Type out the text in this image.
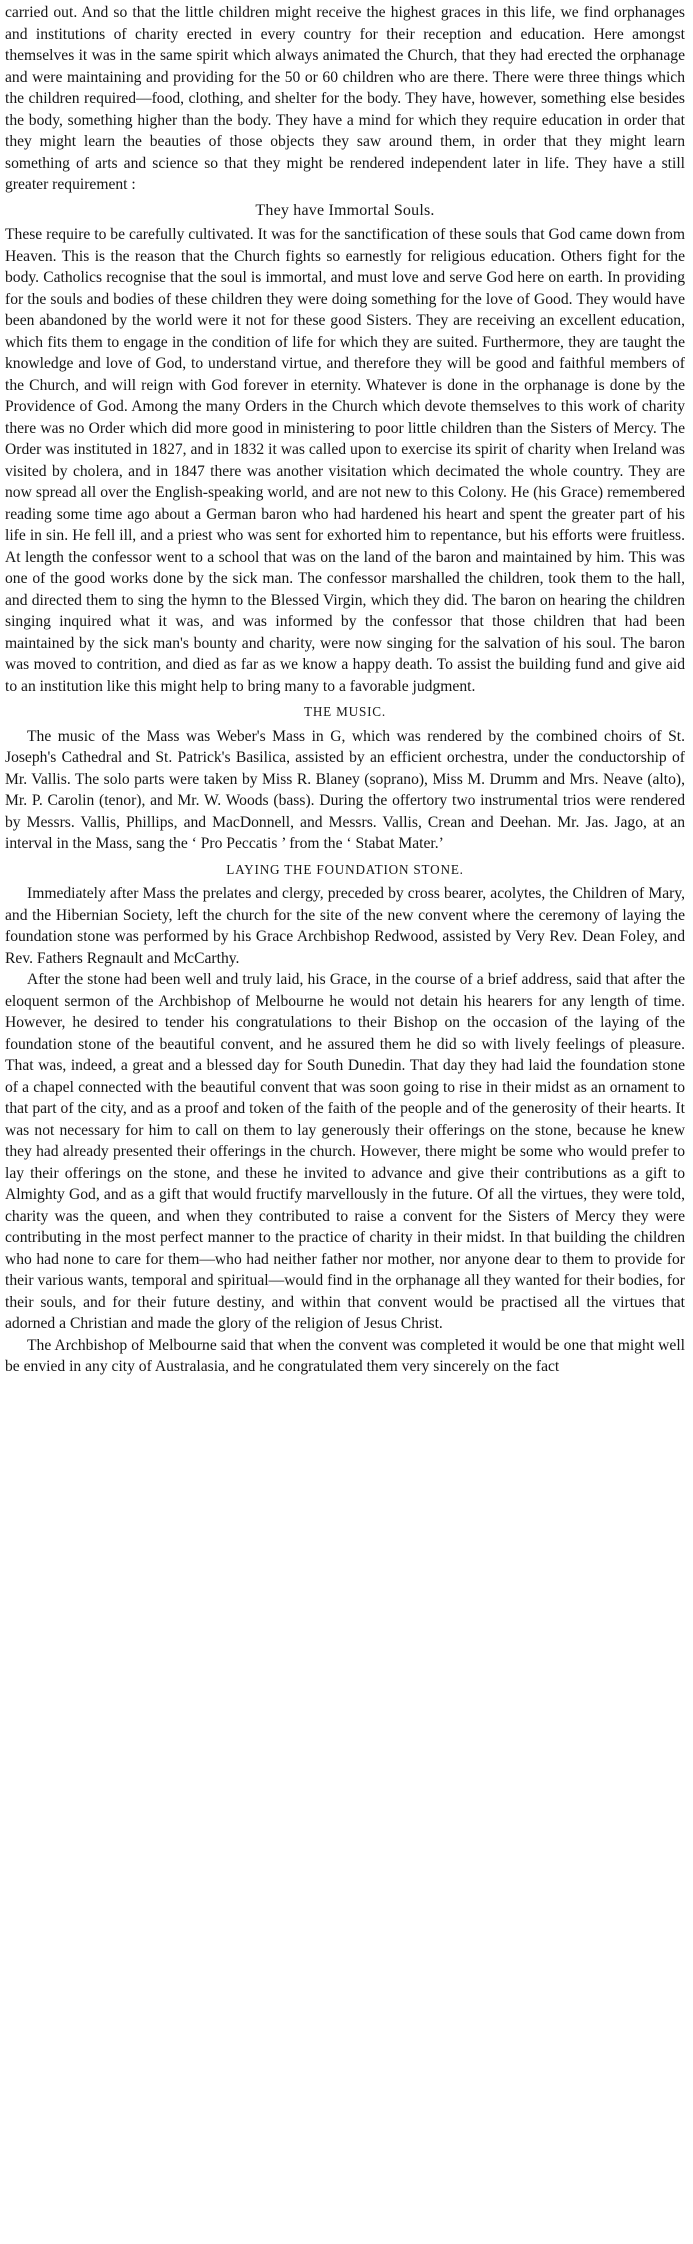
carried out. And so that the little children might receive the highest graces in this life, we find orphanages and institutions of charity erected in every country for their reception and education. Here amongst themselves it was in the same spirit which always animated the Church, that they had erected the orphanage and were maintaining and providing for the 50 or 60 children who are there. There were three things which the children required—food, clothing, and shelter for the body. They have, however, something else besides the body, something higher than the body. They have a mind for which they require education in order that they might learn the beauties of those objects they saw around them, in order that they might learn something of arts and science so that they might be rendered independent later in life. They have a still greater requirement :

They have Immortal Souls.

These require to be carefully cultivated. It was for the sanctification of these souls that God came down from Heaven. This is the reason that the Church fights so earnestly for religious education. Others fight for the body. Catholics recognise that the soul is immortal, and must love and serve God here on earth. In providing for the souls and bodies of these children they were doing something for the love of Good. They would have been abandoned by the world were it not for these good Sisters. They are receiving an excellent education, which fits them to engage in the condition of life for which they are suited. Furthermore, they are taught the knowledge and love of God, to understand virtue, and therefore they will be good and faithful members of the Church, and will reign with God forever in eternity. Whatever is done in the orphanage is done by the Providence of God. Among the many Orders in the Church which devote themselves to this work of charity there was no Order which did more good in ministering to poor little children than the Sisters of Mercy. The Order was instituted in 1827, and in 1832 it was called upon to exercise its spirit of charity when Ireland was visited by cholera, and in 1847 there was another visitation which decimated the whole country. They are now spread all over the English-speaking world, and are not new to this Colony. He (his Grace) remembered reading some time ago about a German baron who had hardened his heart and spent the greater part of his life in sin. He fell ill, and a priest who was sent for exhorted him to repentance, but his efforts were fruitless. At length the confessor went to a school that was on the land of the baron and maintained by him. This was one of the good works done by the sick man. The confessor marshalled the children, took them to the hall, and directed them to sing the hymn to the Blessed Virgin, which they did. The baron on hearing the children singing inquired what it was, and was informed by the confessor that those children that had been maintained by the sick man's bounty and charity, were now singing for the salvation of his soul. The baron was moved to contrition, and died as far as we know a happy death. To assist the building fund and give aid to an institution like this might help to bring many to a favorable judgment.

THE MUSIC.

The music of the Mass was Weber's Mass in G, which was rendered by the combined choirs of St. Joseph's Cathedral and St. Patrick's Basilica, assisted by an efficient orchestra, under the conductorship of Mr. Vallis. The solo parts were taken by Miss R. Blaney (soprano), Miss M. Drumm and Mrs. Neave (alto), Mr. P. Carolin (tenor), and Mr. W. Woods (bass). During the offertory two instrumental trios were rendered by Messrs. Vallis, Phillips, and MacDonnell, and Messrs. Vallis, Crean and Deehan. Mr. Jas. Jago, at an interval in the Mass, sang the ‘ Pro Peccatis ’ from the ‘ Stabat Mater.’

LAYING THE FOUNDATION STONE.

Immediately after Mass the prelates and clergy, preceded by cross bearer, acolytes, the Children of Mary, and the Hibernian Society, left the church for the site of the new convent where the ceremony of laying the foundation stone was performed by his Grace Archbishop Redwood, assisted by Very Rev. Dean Foley, and Rev. Fathers Regnault and McCarthy.

After the stone had been well and truly laid, his Grace, in the course of a brief address, said that after the eloquent sermon of the Archbishop of Melbourne he would not detain his hearers for any length of time. However, he desired to tender his congratulations to their Bishop on the occasion of the laying of the foundation stone of the beautiful convent, and he assured them he did so with lively feelings of pleasure. That was, indeed, a great and a blessed day for South Dunedin. That day they had laid the foundation stone of a chapel connected with the beautiful convent that was soon going to rise in their midst as an ornament to that part of the city, and as a proof and token of the faith of the people and of the generosity of their hearts. It was not necessary for him to call on them to lay generously their offerings on the stone, because he knew they had already presented their offerings in the church. However, there might be some who would prefer to lay their offerings on the stone, and these he invited to advance and give their contributions as a gift to Almighty God, and as a gift that would fructify marvellously in the future. Of all the virtues, they were told, charity was the queen, and when they contributed to raise a convent for the Sisters of Mercy they were contributing in the most perfect manner to the practice of charity in their midst. In that building the children who had none to care for them—who had neither father nor mother, nor anyone dear to them to provide for their various wants, temporal and spiritual—would find in the orphanage all they wanted for their bodies, for their souls, and for their future destiny, and within that convent would be practised all the virtues that adorned a Christian and made the glory of the religion of Jesus Christ.

The Archbishop of Melbourne said that when the convent was completed it would be one that might well be envied in any city of Australasia, and he congratulated them very sincerely on the fact
